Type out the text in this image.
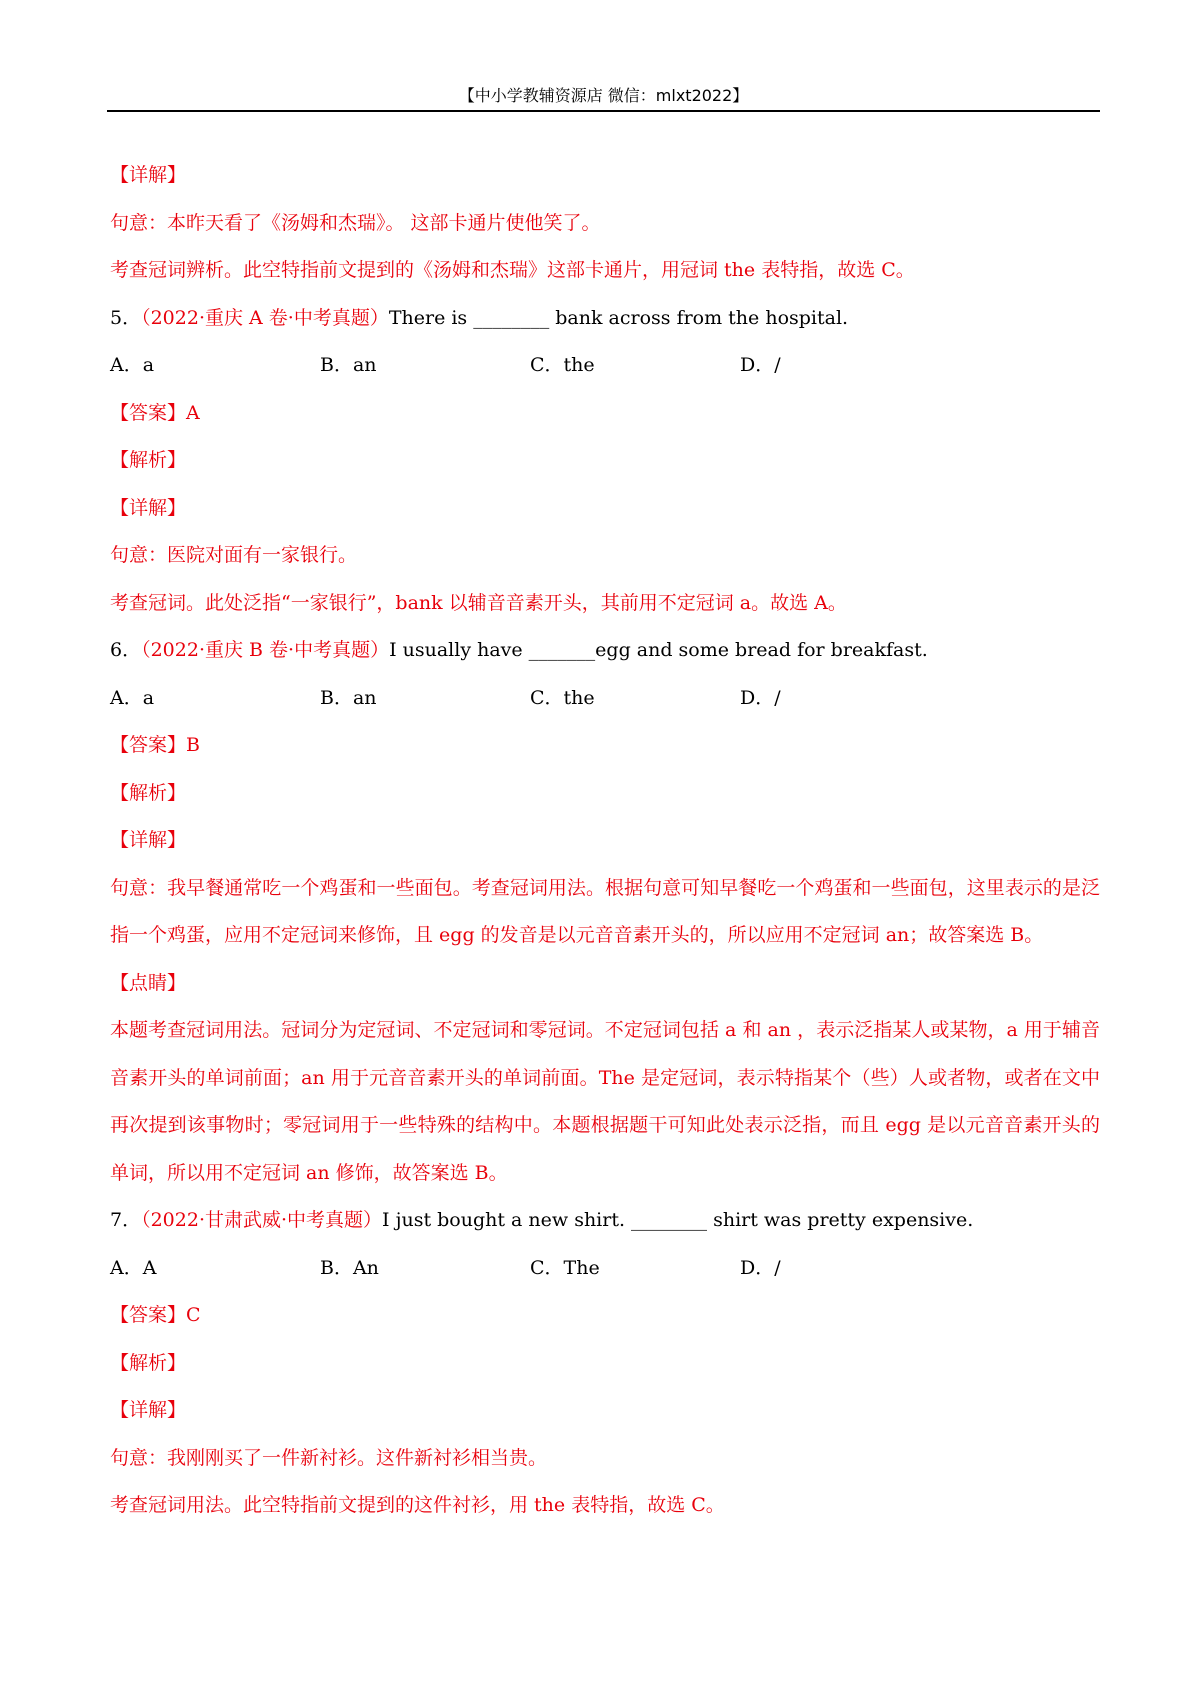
【中小学教辅资源店 微信：mlxt2022】
【详解】
句意：本昨天看了《汤姆和杰瑞》。 这部卡通片使他笑了。
考查冠词辨析。此空特指前文提到的《汤姆和杰瑞》这部卡通片，用冠词 the 表特指，故选 C。
5．（2022·重庆 A 卷·中考真题）There is ________ bank across from the hospital.
A．a	B．an	C．the	D．/
【答案】A
【解析】
【详解】
句意：医院对面有一家银行。
考查冠词。此处泛指“一家银行”，bank 以辅音音素开头，其前用不定冠词 a。故选 A。
6．（2022·重庆 B 卷·中考真题）I usually have _______egg and some bread for breakfast.
A．a	B．an	C．the	D．/
【答案】B
【解析】
【详解】
句意：我早餐通常吃一个鸡蛋和一些面包。考查冠词用法。根据句意可知早餐吃一个鸡蛋和一些面包，这里表示的是泛指一个鸡蛋，应用不定冠词来修饰，且 egg 的发音是以元音音素开头的，所以应用不定冠词 an；故答案选 B。
【点睛】
本题考查冠词用法。冠词分为定冠词、不定冠词和零冠词。不定冠词包括 a 和 an ，表示泛指某人或某物，a 用于辅音音素开头的单词前面；an 用于元音音素开头的单词前面。The 是定冠词，表示特指某个（些）人或者物，或者在文中再次提到该事物时；零冠词用于一些特殊的结构中。本题根据题干可知此处表示泛指，而且 egg 是以元音音素开头的单词，所以用不定冠词 an 修饰，故答案选 B。
7．（2022·甘肃武威·中考真题）I just bought a new shirt. ________ shirt was pretty expensive.
A．A	B．An	C．The	D．/
【答案】C
【解析】
【详解】
句意：我刚刚买了一件新衬衫。这件新衬衫相当贵。
考查冠词用法。此空特指前文提到的这件衬衫，用 the 表特指，故选 C。
